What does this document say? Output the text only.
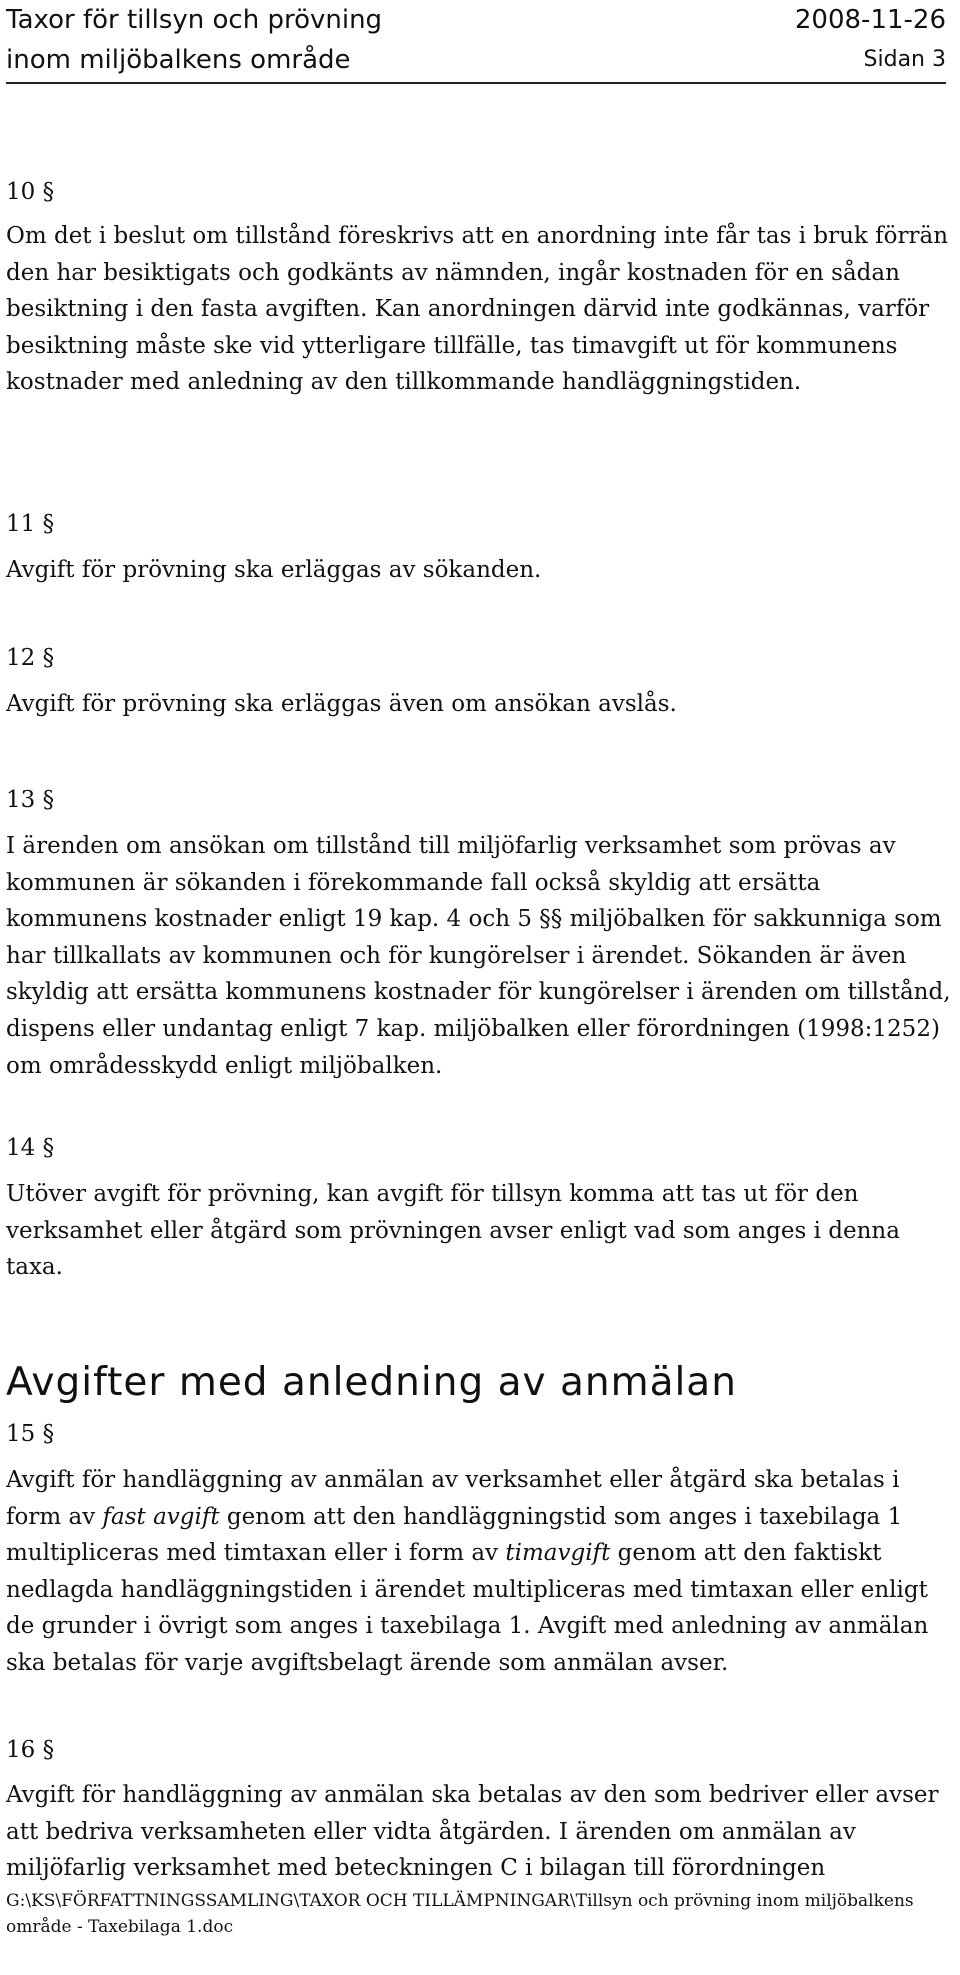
Taxor för tillsyn och prövning	2008-11-26
inom miljöbalkens område	Sidan 3
10 §

Om det i beslut om tillstånd föreskrivs att en anordning inte får tas i bruk förrän den har besiktigats och godkänts av nämnden, ingår kostnaden för en sådan besiktning i den fasta avgiften. Kan anordningen därvid inte godkännas, varför besiktning måste ske vid ytterligare tillfälle, tas timavgift ut för kommunens kostnader med anledning av den tillkommande handläggningstiden.

11 §

Avgift för prövning ska erläggas av sökanden.

12 §

Avgift för prövning ska erläggas även om ansökan avslås.

13 §

I ärenden om ansökan om tillstånd till miljöfarlig verksamhet som prövas av kommunen är sökanden i förekommande fall också skyldig att ersätta kommunens kostnader enligt 19 kap. 4 och 5 §§ miljöbalken för sakkunniga som har tillkallats av kommunen och för kungörelser i ärendet. Sökanden är även skyldig att ersätta kommunens kostnader för kungörelser i ärenden om tillstånd, dispens eller undantag enligt 7 kap. miljöbalken eller förordningen (1998:1252) om områdesskydd enligt miljöbalken.

14 §

Utöver avgift för prövning, kan avgift för tillsyn komma att tas ut för den verksamhet eller åtgärd som prövningen avser enligt vad som anges i denna taxa.

Avgifter med anledning av anmälan
15 §

Avgift för handläggning av anmälan av verksamhet eller åtgärd ska betalas i form av fast avgift genom att den handläggningstid som anges i taxebilaga 1 multipliceras med timtaxan eller i form av timavgift genom att den faktiskt nedlagda handläggningstiden i ärendet multipliceras med timtaxan eller enligt de grunder i övrigt som anges i taxebilaga 1. Avgift med anledning av anmälan ska betalas för varje avgiftsbelagt ärende som anmälan avser.

16 §

Avgift för handläggning av anmälan ska betalas av den som bedriver eller avser att bedriva verksamheten eller vidta åtgärden. I ärenden om anmälan av miljöfarlig verksamhet med beteckningen C i bilagan till förordningen

G:\KS\FÖRFATTNINGSSAMLING\TAXOR OCH TILLÄMPNINGAR\Tillsyn och prövning inom miljöbalkens område - Taxebilaga 1.doc
